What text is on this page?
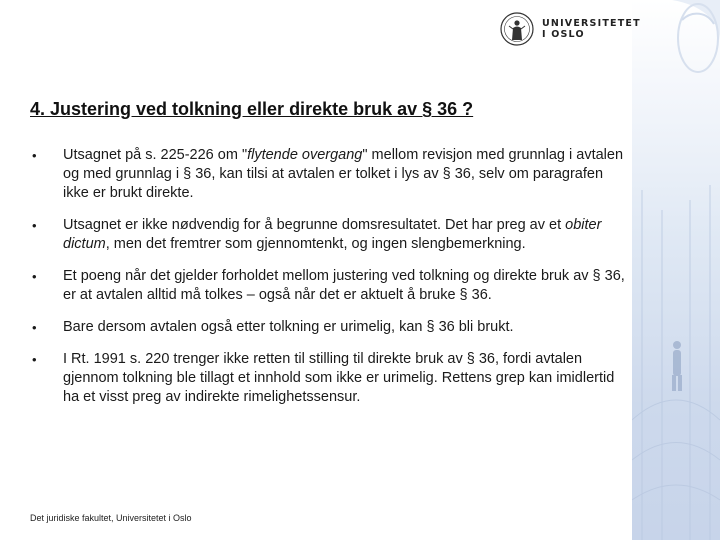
UNIVERSITETET
I OSLO
4. Justering ved tolkning eller direkte bruk av § 36 ?
•	Utsagnet på s. 225-226 om "flytende overgang" mellom revisjon med grunnlag i avtalen og med grunnlag i § 36, kan tilsi at avtalen er tolket i lys av § 36, selv om paragrafen ikke er brukt direkte.
•	Utsagnet er ikke nødvendig for å begrunne domsresultatet. Det har preg av et obiter dictum, men det fremtrer som gjennomtenkt, og ingen slengbemerkning.
•	Et poeng når det gjelder forholdet mellom justering ved tolkning og direkte bruk av § 36, er at avtalen alltid må tolkes – også når det er aktuelt å bruke § 36.
•	Bare dersom avtalen også etter tolkning er urimelig, kan § 36 bli brukt.
•	I Rt. 1991 s. 220 trenger ikke retten til stilling til direkte bruk av § 36, fordi avtalen gjennom tolkning ble tillagt et innhold som ikke er urimelig. Rettens grep kan imidlertid ha et visst preg av indirekte rimelighetssensur.
Det juridiske fakultet, Universitetet i Oslo
